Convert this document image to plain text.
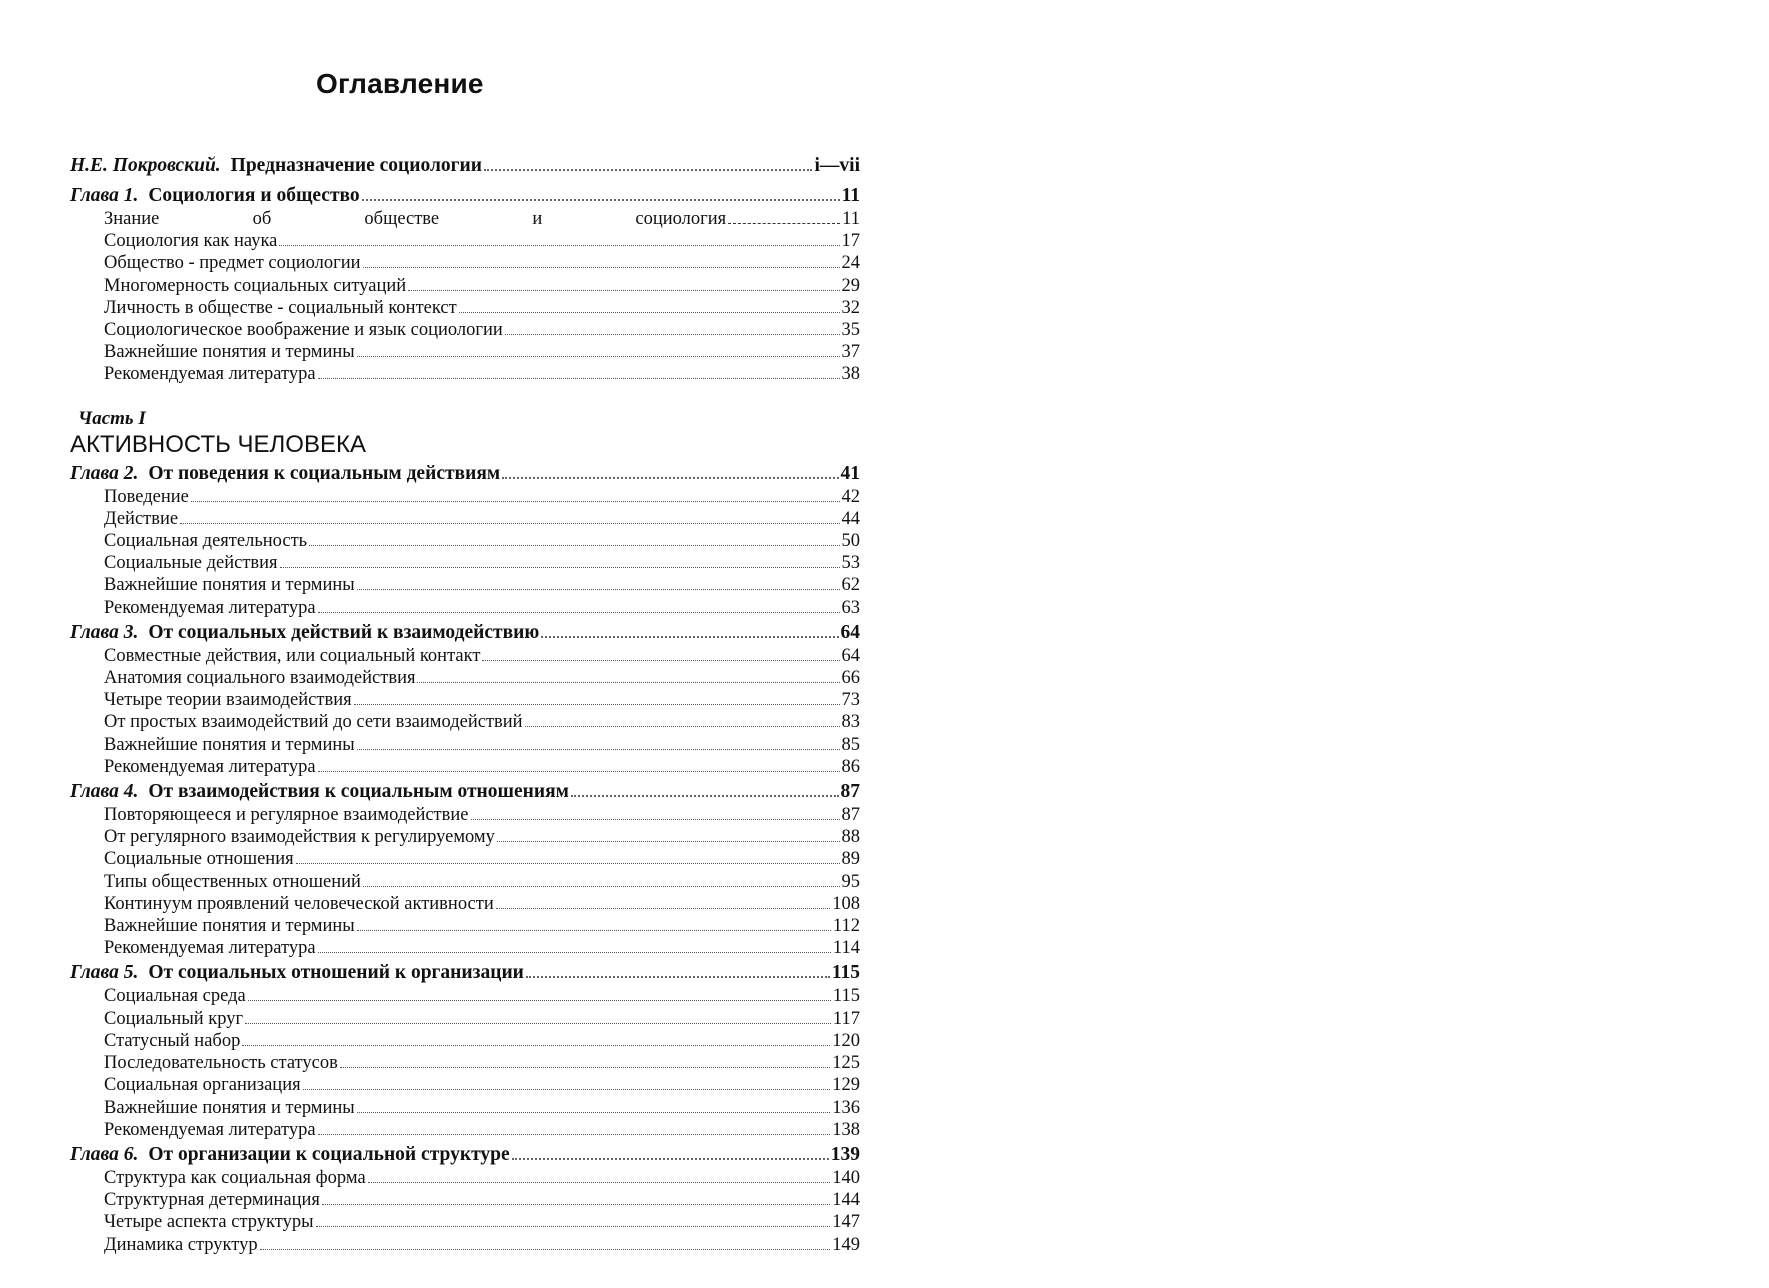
Оглавление
Н.Е. Покровский. Предназначение социологии	i—vii
Глава 1. Социология и общество	11
Знание	об	обществе	и	социология	11
Социология как наука	17
Общество - предмет социологии	24
Многомерность социальных ситуаций	29
Личность в обществе - социальный контекст	32
Социологическое воображение и язык социологии	35
Важнейшие понятия и термины	37
Рекомендуемая литература	38
Часть I
АКТИВНОСТЬ ЧЕЛОВЕКА
Глава 2. От поведения к социальным действиям	41
Поведение	42
Действие	44
Социальная деятельность	50
Социальные действия	53
Важнейшие понятия и термины	62
Рекомендуемая литература	63
Глава 3. От социальных действий к взаимодействию	64
Совместные действия, или социальный контакт	64
Анатомия социального взаимодействия	66
Четыре теории взаимодействия	73
От простых взаимодействий до сети взаимодействий	83
Важнейшие понятия и термины	85
Рекомендуемая литература	86
Глава 4. От взаимодействия к социальным отношениям	87
Повторяющееся и регулярное взаимодействие	87
От регулярного взаимодействия к регулируемому	88
Социальные отношения	89
Типы общественных отношений	95
Континуум проявлений человеческой активности	108
Важнейшие понятия и термины	112
Рекомендуемая литература	114
Глава 5. От социальных отношений к организации	115
Социальная среда	115
Социальный круг	117
Статусный набор	120
Последовательность статусов	125
Социальная организация	129
Важнейшие понятия и термины	136
Рекомендуемая литература	138
Глава 6. От организации к социальной структуре	139
Структура как социальная форма	140
Структурная детерминация	144
Четыре аспекта структуры	147
Динамика структур	149
